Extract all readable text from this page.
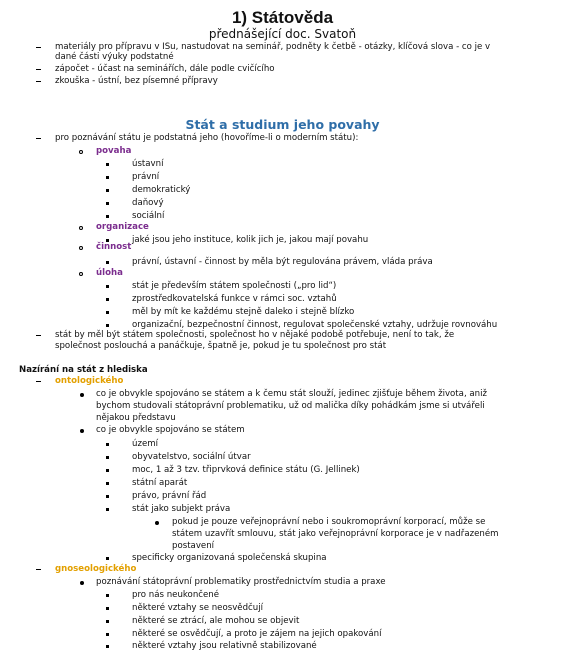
1) Státověda
přednášející doc. Svatoň
materiály pro přípravu v ISu, nastudovat na seminář, podněty k četbě - otázky, klíčová slova - co je v
dané části výuky podstatné
zápočet - účast na seminářích, dále podle cvičícího
zkouška - ústní, bez písemné přípravy
Stát a studium jeho povahy
pro poznávání státu je podstatná jeho (hovoříme-li o moderním státu):
povaha
ústavní
právní
demokratický
daňový
sociální
organizace
jaké jsou jeho instituce, kolik jich je, jakou mají povahu
činnost
právní, ústavní - činnost by měla být regulována právem, vláda práva
úloha
stát je především státem společnosti („pro lid“)
zprostředkovatelská funkce v rámci soc. vztahů
měl by mít ke každému stejně daleko i stejně blízko
organizační, bezpečnostní činnost, regulovat společenské vztahy, udržuje rovnováhu
stát by měl být státem společnosti, společnost ho v nějaké podobě potřebuje, není to tak, že
společnost poslouchá a panáčkuje, špatně je, pokud je tu společnost pro stát
Nazírání na stát z hlediska
ontologického
co je obvykle spojováno se státem a k čemu stát slouží, jedinec zjišťuje během života, aniž
bychom studovali státoprávní problematiku, už od malička díky pohádkám jsme si utvářeli
nějakou představu
co je obvykle spojováno se státem
území
obyvatelstvo, sociální útvar
moc, 1 až 3 tzv. třiprvková definice státu (G. Jellinek)
státní aparát
právo, právní řád
stát jako subjekt práva
pokud je pouze veřejnoprávní nebo i soukromoprávní korporací, může se
státem uzavřít smlouvu, stát jako veřejnoprávní korporace je v nadřazeném
postavení
specificky organizovaná společenská skupina
gnoseologického
poznávání státoprávní problematiky prostřednictvím studia a praxe
pro nás neukončené
některé vztahy se neosvědčují
některé se ztrácí, ale mohou se objevit
některé se osvědčují, a proto je zájem na jejich opakování
některé vztahy jsou relativně stabilizované
